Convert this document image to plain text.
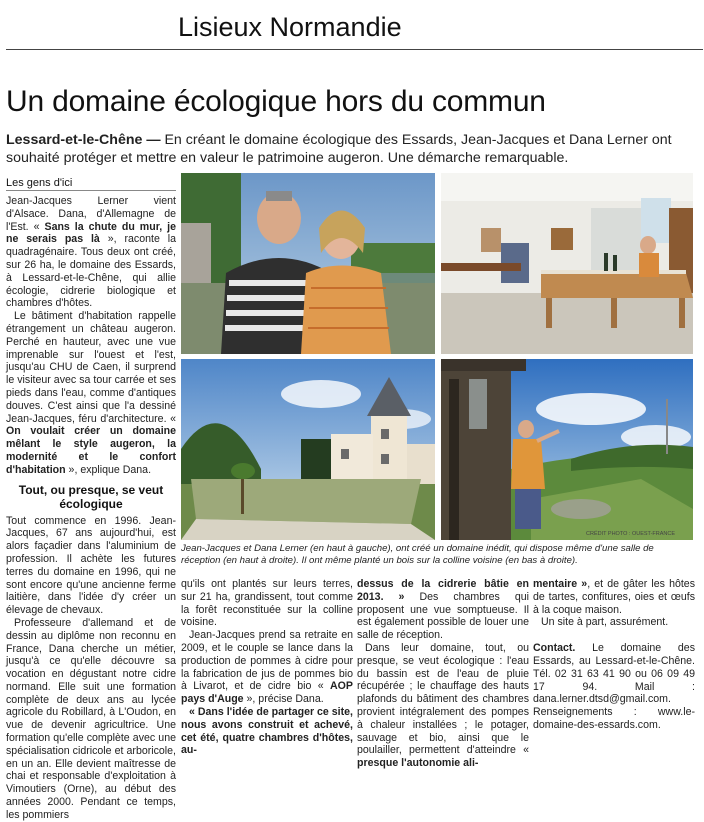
Lisieux Normandie
Un domaine écologique hors du commun
Lessard-et-le-Chêne — En créant le domaine écologique des Essards, Jean-Jacques et Dana Lerner ont souhaité protéger et mettre en valeur le patrimoine augeron. Une démarche remarquable.
Les gens d'ici

Jean-Jacques Lerner vient d'Alsace. Dana, d'Allemagne de l'Est. « Sans la chute du mur, je ne serais pas là », raconte la quadragénaire. Tous deux ont créé, sur 26 ha, le domaine des Essards, à Lessard-et-le-Chêne, qui allie écologie, cidrerie biologique et chambres d'hôtes.

Le bâtiment d'habitation rappelle étrangement un château augeron. Perché en hauteur, avec une vue imprenable sur l'ouest et l'est, jusqu'au CHU de Caen, il surprend le visiteur avec sa tour carrée et ses pieds dans l'eau, comme d'antiques douves. C'est ainsi que l'a dessiné Jean-Jacques, féru d'architecture. « On voulait créer un domaine mêlant le style augeron, la modernité et le confort d'habitation », explique Dana.

Tout, ou presque, se veut écologique

Tout commence en 1996. Jean-Jacques, 67 ans aujourd'hui, est alors façadier dans l'aluminium de profession. Il achète les futures terres du domaine en 1996, qui ne sont encore qu'une ancienne ferme laitière, dans l'idée d'y créer un élevage de chevaux.

Professeure d'allemand et de dessin au diplôme non reconnu en France, Dana cherche un métier, jusqu'à ce qu'elle découvre sa vocation en dégustant notre cidre normand. Elle suit une formation complète de deux ans au lycée agricole du Robillard, à L'Oudon, en vue de devenir agricultrice. Une formation qu'elle complète avec une spécialisation cidricole et arboricole, en un an. Elle devient maîtresse de chai et responsable d'exploitation à Vimoutiers (Orne), au début des années 2000. Pendant ce temps, les pommiers

CRÉDIT PHOTO : OUEST-FRANCE
Jean-Jacques et Dana Lerner (en haut à gauche), ont créé un domaine inédit, qui dispose même d'une salle de réception (en haut à droite). Il ont même planté un bois sur la colline voisine (en bas à droite).

qu'ils ont plantés sur leurs terres, sur 21 ha, grandissent, tout comme la forêt reconstituée sur la colline voisine.

Jean-Jacques prend sa retraite en 2009, et le couple se lance dans la production de pommes à cidre pour la fabrication de jus de pommes bio à Livarot, et de cidre bio « AOP pays d'Auge », précise Dana.

« Dans l'idée de partager ce site, nous avons construit et achevé, cet été, quatre chambres d'hôtes, au-

dessus de la cidrerie bâtie en 2013. » Des chambres qui proposent une vue somptueuse. Il est également possible de louer une salle de réception.

Dans leur domaine, tout, ou presque, se veut écologique : l'eau du bassin est de l'eau de pluie récupérée ; le chauffage des hauts plafonds du bâtiment des chambres provient intégralement des pompes à chaleur installées ; le potager, sauvage et bio, ainsi que le poulailler, permettent d'atteindre « presque l'autonomie ali-

mentaire », et de gâter les hôtes de tartes, confitures, oies et œufs à la coque maison.

Un site à part, assurément.

Contact. Le domaine des Essards, au Lessard-et-le-Chêne. Tél. 02 31 63 41 90 ou 06 09 49 17 94. Mail : dana.lerner.dtsd@gmail.com. Renseignements : www.le-domaine-des-essards.com.
